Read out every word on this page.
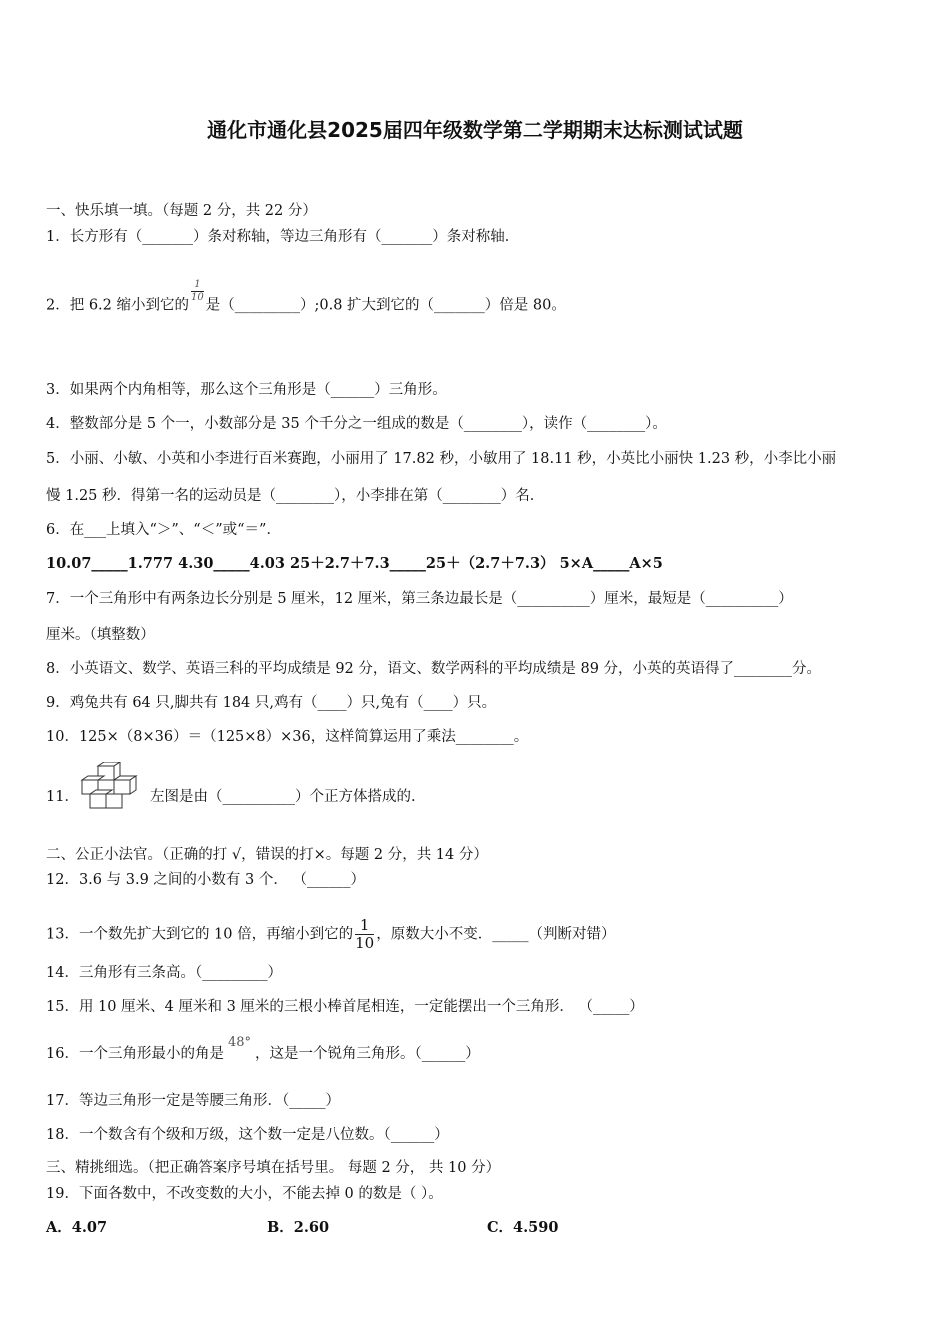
通化市通化县2025届四年级数学第二学期期末达标测试试题
一、快乐填一填。（每题 2 分，共 22 分）
1．长方形有（_______）条对称轴，等边三角形有（_______）条对称轴．
2．把 6.2 缩小到它的
$\frac{1}{10}$
是（_________）;0.8 扩大到它的（_______）倍是 80。
3．如果两个内角相等，那么这个三角形是（______）三角形。
4．整数部分是 5 个一，小数部分是 35 个千分之一组成的数是（________），读作（________）。
5．小丽、小敏、小英和小李进行百米赛跑，小丽用了 17.82 秒，小敏用了 18.11 秒，小英比小丽快 1.23 秒，小李比小丽
慢 1.25 秒．得第一名的运动员是（________），小李排在第（________）名．
6．在___上填入“＞”、“＜”或“＝”．
10.07_____1.777 4.30_____4.03 25＋2.7＋7.3_____25＋（2.7＋7.3） 5×A_____A×5
7．一个三角形中有两条边长分别是 5 厘米，12 厘米，第三条边最长是（__________）厘米，最短是（__________）
厘米。（填整数）
8．小英语文、数学、英语三科的平均成绩是 92 分，语文、数学两科的平均成绩是 89 分，小英的英语得了________分。
9．鸡兔共有 64 只,脚共有 184 只,鸡有（____）只,兔有（____）只。
10．125×（8×36）＝（125×8）×36，这样简算运用了乘法________。
11．	左图是由（__________）个正方体搭成的.
二、公正小法官。（正确的打 √，错误的打×。每题 2 分，共 14 分）
12．3.6 与 3.9 之间的小数有 3 个． （______）
13．一个数先扩大到它的 10 倍，再缩小到它的 $\frac{1}{10}$ ，原数大小不变．_____（判断对错）
14．三角形有三条高。（_________）
15．用 10 厘米、4 厘米和 3 厘米的三根小棒首尾相连，一定能摆出一个三角形． （_____）
16．一个三角形最小的角是48°，这是一个锐角三角形。（______）
17．等边三角形一定是等腰三角形．（_____）
18．一个数含有个级和万级，这个数一定是八位数。（______）
三、精挑细选。（把正确答案序号填在括号里。 每题 2 分， 共 10 分）
19．下面各数中，不改变数的大小，不能去掉 0 的数是（ ）。
A．4.07	B．2.60	C．4.590
